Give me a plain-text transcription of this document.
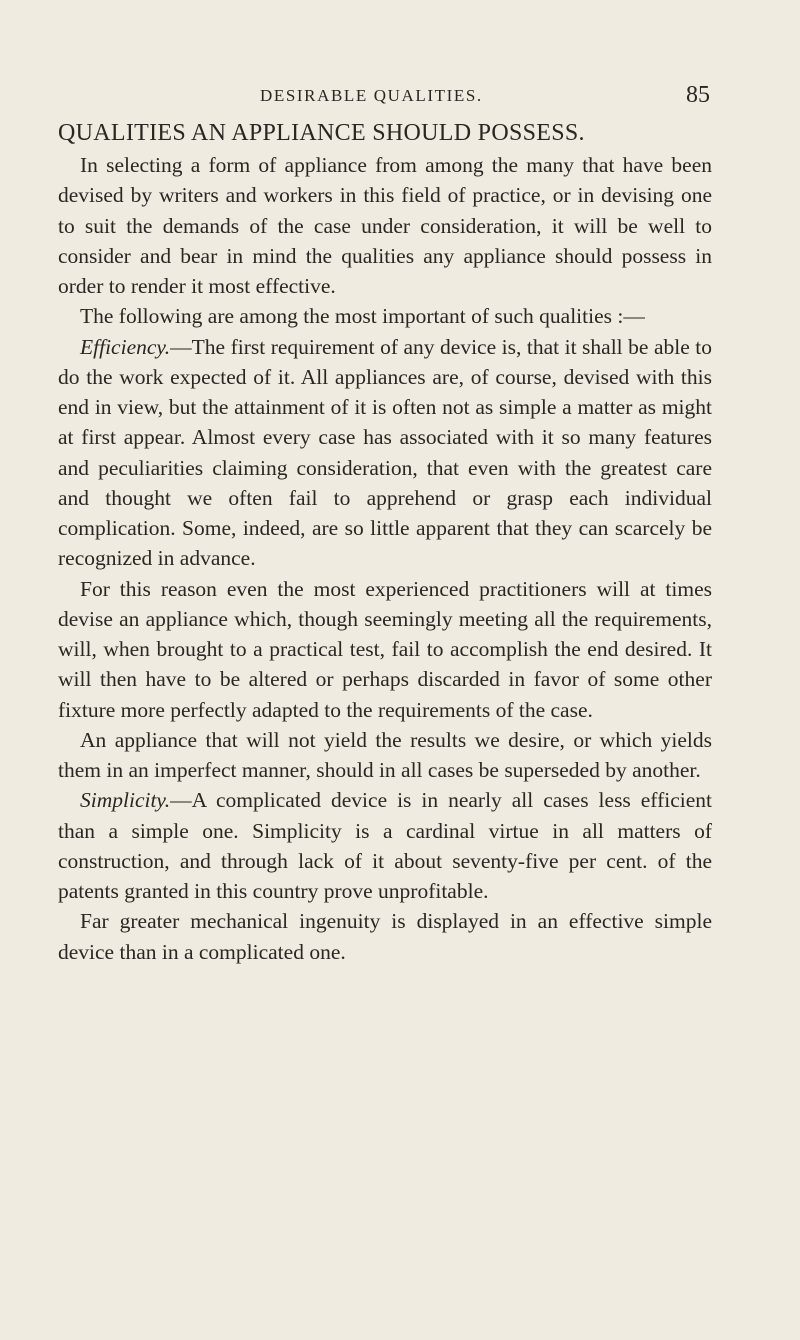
DESIRABLE QUALITIES.	85
QUALITIES AN APPLIANCE SHOULD POSSESS.

In selecting a form of appliance from among the many that have been devised by writers and workers in this field of practice, or in devising one to suit the demands of the case under consideration, it will be well to consider and bear in mind the qualities any appliance should possess in order to render it most effective.

The following are among the most important of such qualities :—

Efficiency.—The first requirement of any device is, that it shall be able to do the work expected of it. All appliances are, of course, devised with this end in view, but the attainment of it is often not as simple a matter as might at first appear. Almost every case has associated with it so many features and peculiarities claiming consideration, that even with the greatest care and thought we often fail to apprehend or grasp each individual complication. Some, indeed, are so little apparent that they can scarcely be recognized in advance.

For this reason even the most experienced practitioners will at times devise an appliance which, though seemingly meeting all the requirements, will, when brought to a practical test, fail to accomplish the end desired. It will then have to be altered or perhaps discarded in favor of some other fixture more perfectly adapted to the requirements of the case.

An appliance that will not yield the results we desire, or which yields them in an imperfect manner, should in all cases be superseded by another.

Simplicity.—A complicated device is in nearly all cases less efficient than a simple one. Simplicity is a cardinal virtue in all matters of construction, and through lack of it about seventy-five per cent. of the patents granted in this country prove unprofitable.

Far greater mechanical ingenuity is displayed in an effective simple device than in a complicated one.
